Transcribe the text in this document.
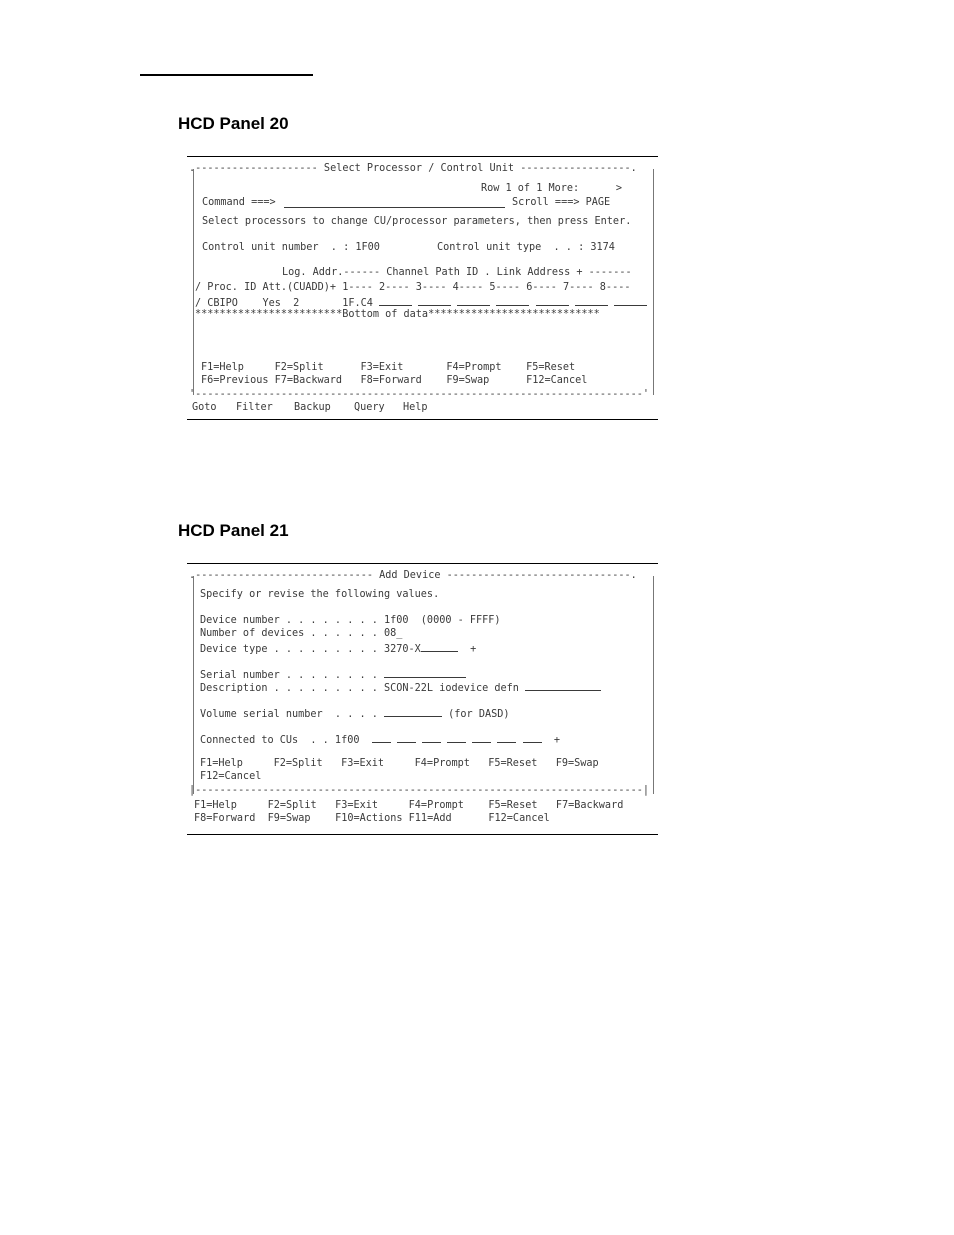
HCD Panel 20
.-------------------- Select Processor / Control Unit ------------------.
Row 1 of 1 More:      >
Command ===>	Scroll ===> PAGE
Select processors to change CU/processor parameters, then press Enter.
Control unit number  . : 1F00	Control unit type  . . : 3174
Log. Addr.------ Channel Path ID . Link Address + -------
/ Proc. ID Att.(CUADD)+ 1---- 2---- 3---- 4---- 5---- 6---- 7---- 8----
/ CBIPO    Yes  2       1F.C4
************************Bottom of data****************************
F1=Help     F2=Split      F3=Exit       F4=Prompt    F5=Reset
F6=Previous F7=Backward   F8=Forward    F9=Swap      F12=Cancel
'-------------------------------------------------------------------------'
Goto Filter Backup Query Help
HCD Panel 21
.----------------------------- Add Device ------------------------------.
Specify or revise the following values.
Device number . . . . . . . . 1f00  (0000 - FFFF)
Number of devices . . . . . . 08_
Device type . . . . . . . . . 3270-X	+
Serial number . . . . . . . .
Description . . . . . . . . . SCON-22L iodevice defn
Volume serial number  . . . .	(for DASD)
Connected to CUs  . . 1f00	+
F1=Help     F2=Split   F3=Exit     F4=Prompt   F5=Reset   F9=Swap
F12=Cancel
|-------------------------------------------------------------------------|
F1=Help     F2=Split   F3=Exit     F4=Prompt    F5=Reset   F7=Backward
F8=Forward  F9=Swap    F10=Actions F11=Add      F12=Cancel
